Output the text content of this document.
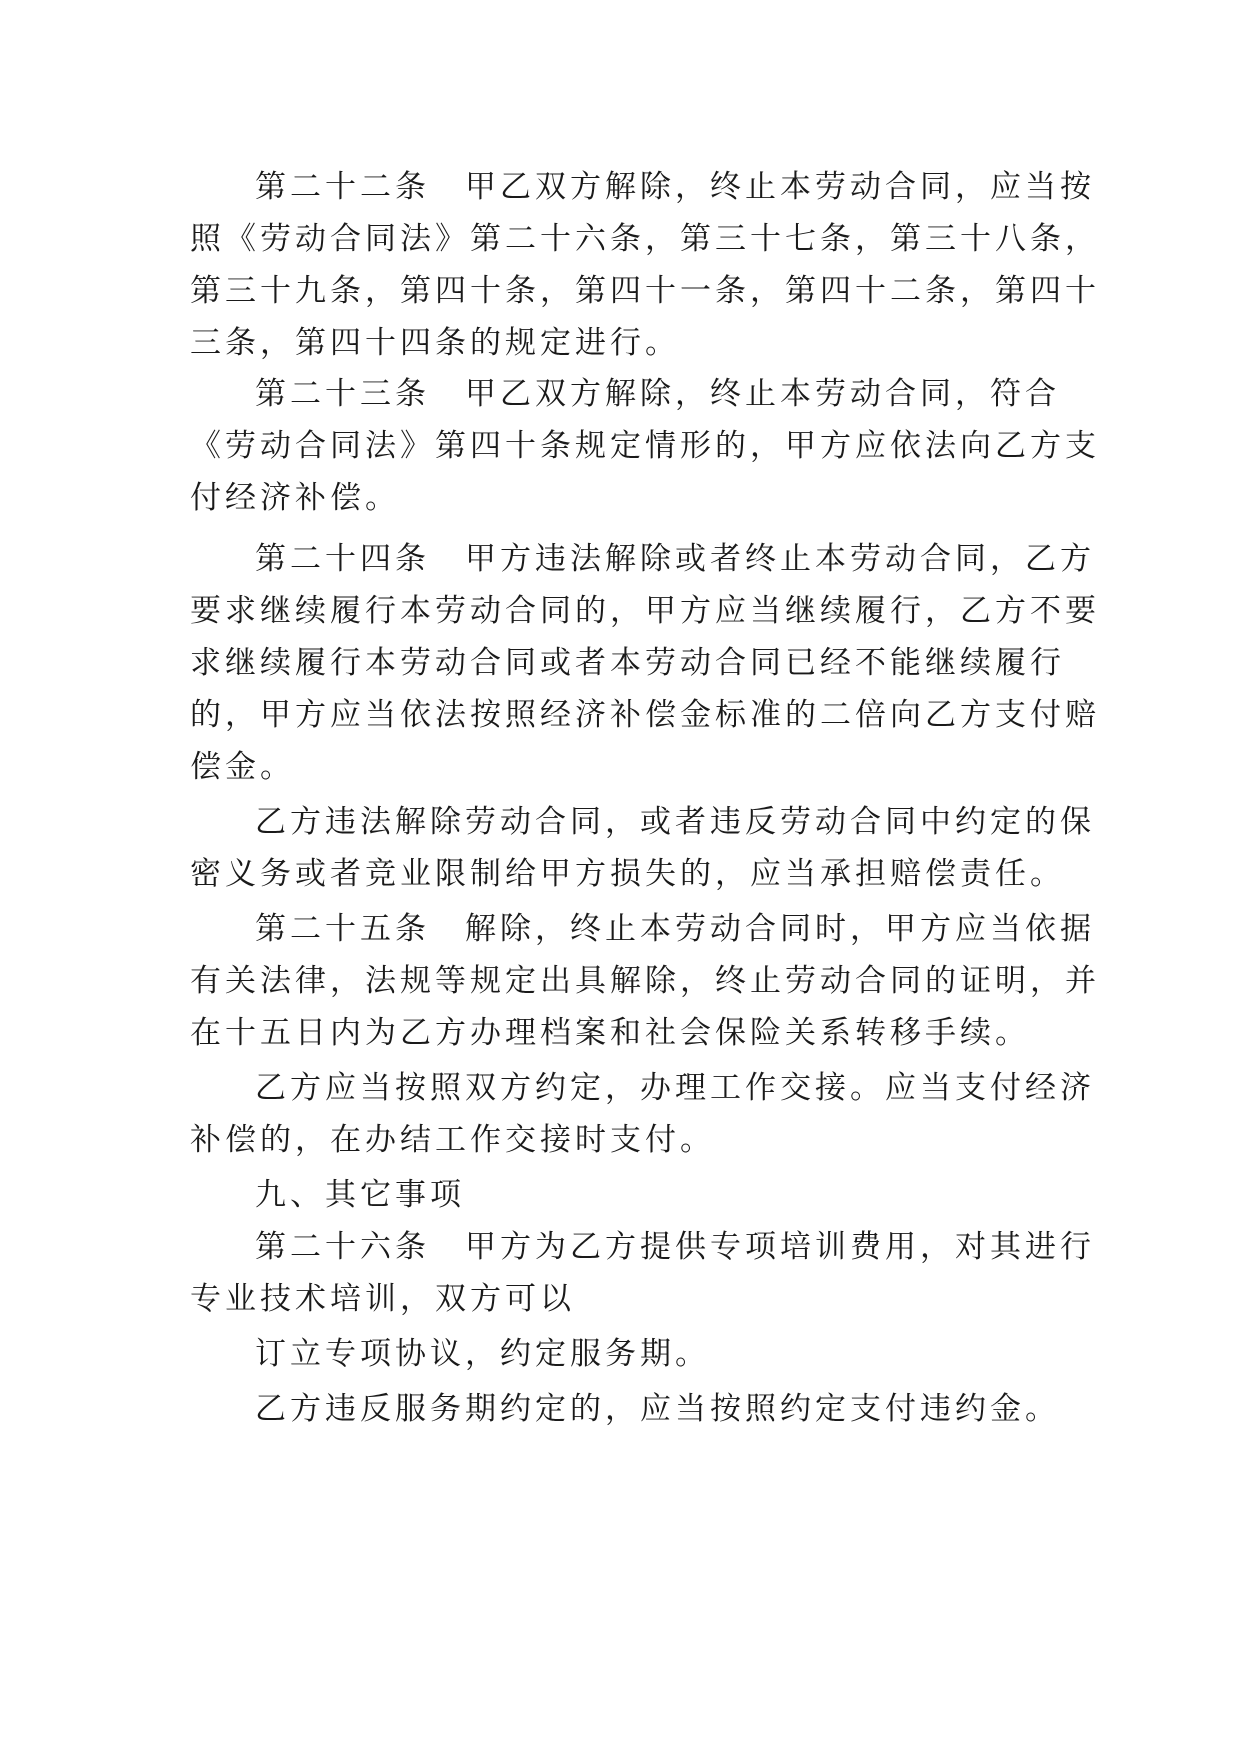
第二十二条　甲乙双方解除，终止本劳动合同，应当按
照《劳动合同法》第二十六条，第三十七条，第三十八条，
第三十九条，第四十条，第四十一条，第四十二条，第四十
三条，第四十四条的规定进行。
第二十三条　甲乙双方解除，终止本劳动合同，符合
《劳动合同法》第四十条规定情形的，甲方应依法向乙方支
付经济补偿。
第二十四条　甲方违法解除或者终止本劳动合同，乙方
要求继续履行本劳动合同的，甲方应当继续履行，乙方不要
求继续履行本劳动合同或者本劳动合同已经不能继续履行
的，甲方应当依法按照经济补偿金标准的二倍向乙方支付赔
偿金。
乙方违法解除劳动合同，或者违反劳动合同中约定的保
密义务或者竞业限制给甲方损失的，应当承担赔偿责任。
第二十五条　解除，终止本劳动合同时，甲方应当依据
有关法律，法规等规定出具解除，终止劳动合同的证明，并
在十五日内为乙方办理档案和社会保险关系转移手续。
乙方应当按照双方约定，办理工作交接。应当支付经济
补偿的，在办结工作交接时支付。
九、其它事项
第二十六条　甲方为乙方提供专项培训费用，对其进行
专业技术培训，双方可以
订立专项协议，约定服务期。
乙方违反服务期约定的，应当按照约定支付违约金。
